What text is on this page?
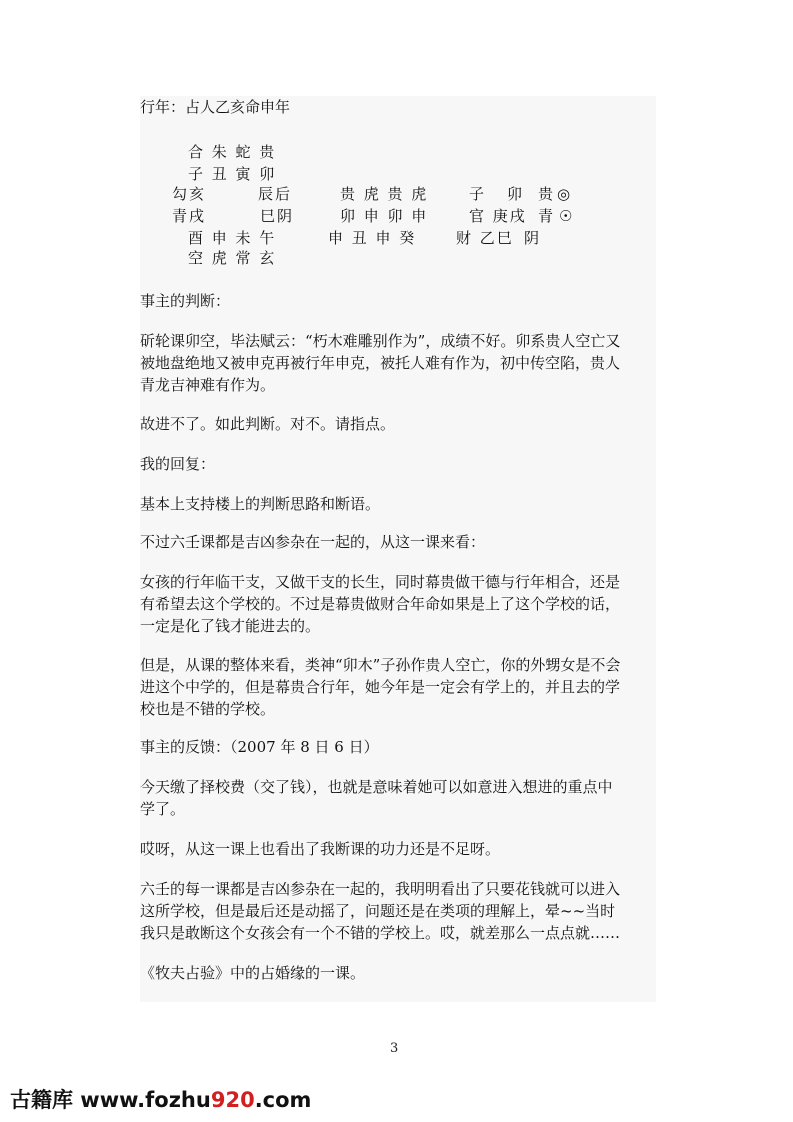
行年：占人乙亥命申年
合 朱 蛇 贵
子 丑 寅 卯
勾亥	辰后	贵 虎 贵 虎	子 卯 贵 ◎
青戌	巳阴	卯 申 卯 申	官 庚戌 青 ☉
酉 申 未 午	申 丑 申 癸	财 乙巳 阴
空 虎 常 玄
事主的判断：
斫轮课卯空，毕法赋云：“朽木难雕别作为”，成绩不好。卯系贵人空亡又
被地盘绝地又被申克再被行年申克，被托人难有作为，初中传空陷，贵人
青龙吉神难有作为。
故进不了。如此判断。对不。请指点。
我的回复：
基本上支持楼上的判断思路和断语。
不过六壬课都是吉凶参杂在一起的，从这一课来看：
女孩的行年临干支，又做干支的长生，同时幕贵做干德与行年相合，还是
有希望去这个学校的。不过是幕贵做财合年命如果是上了这个学校的话，
一定是化了钱才能进去的。
但是，从课的整体来看，类神“卯木”子孙作贵人空亡，你的外甥女是不会
进这个中学的，但是幕贵合行年，她今年是一定会有学上的，并且去的学
校也是不错的学校。
事主的反馈：（2007 年 8 日 6 日）
今天缴了择校费（交了钱），也就是意味着她可以如意进入想进的重点中
学了。
哎呀，从这一课上也看出了我断课的功力还是不足呀。
六壬的每一课都是吉凶参杂在一起的，我明明看出了只要花钱就可以进入
这所学校，但是最后还是动摇了，问题还是在类项的理解上，晕~~当时
我只是敢断这个女孩会有一个不错的学校上。哎，就差那么一点点就……
《牧夫占验》中的占婚缘的一课。
3
古籍库 www.fozhu920.com
